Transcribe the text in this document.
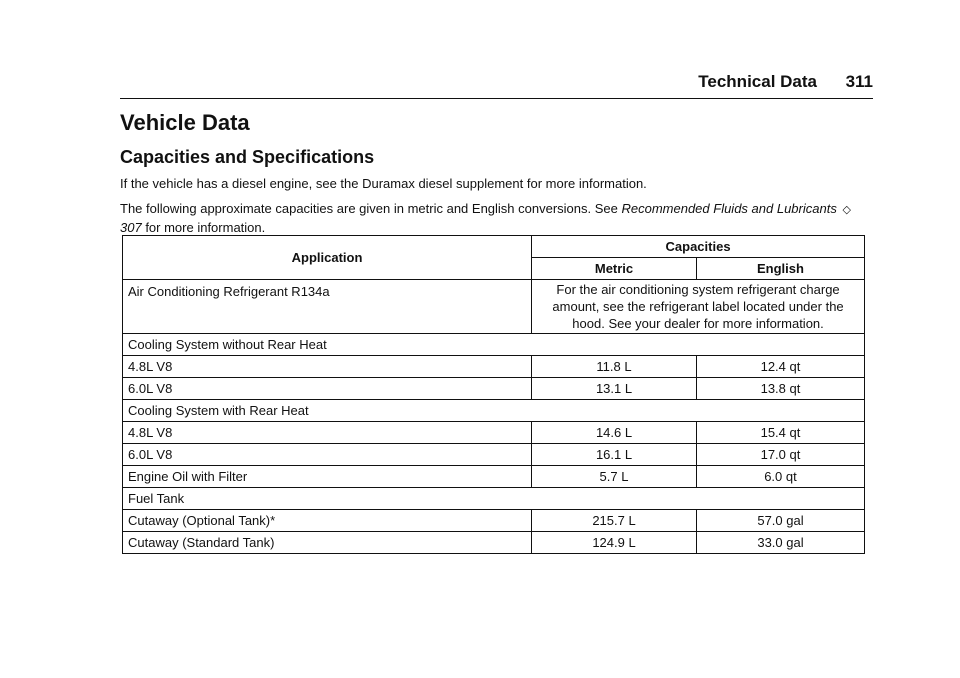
Technical Data 311
Vehicle Data
Capacities and Specifications

If the vehicle has a diesel engine, see the Duramax diesel supplement for more information.

The following approximate capacities are given in metric and English conversions. See Recommended Fluids and Lubricants ◇307 for more information.

Application	Capacities	
	Metric	English
Air Conditioning Refrigerant R134a	For the air conditioning system refrigerant charge amount, see the refrigerant label located under the hood. See your dealer for more information.	
Cooling System without Rear Heat		
4.8L V8	11.8 L	12.4 qt
6.0L V8	13.1 L	13.8 qt
Cooling System with Rear Heat		
4.8L V8	14.6 L	15.4 qt
6.0L V8	16.1 L	17.0 qt
Engine Oil with Filter	5.7 L	6.0 qt
Fuel Tank		
Cutaway (Optional Tank)*	215.7 L	57.0 gal
Cutaway (Standard Tank)	124.9 L	33.0 gal
